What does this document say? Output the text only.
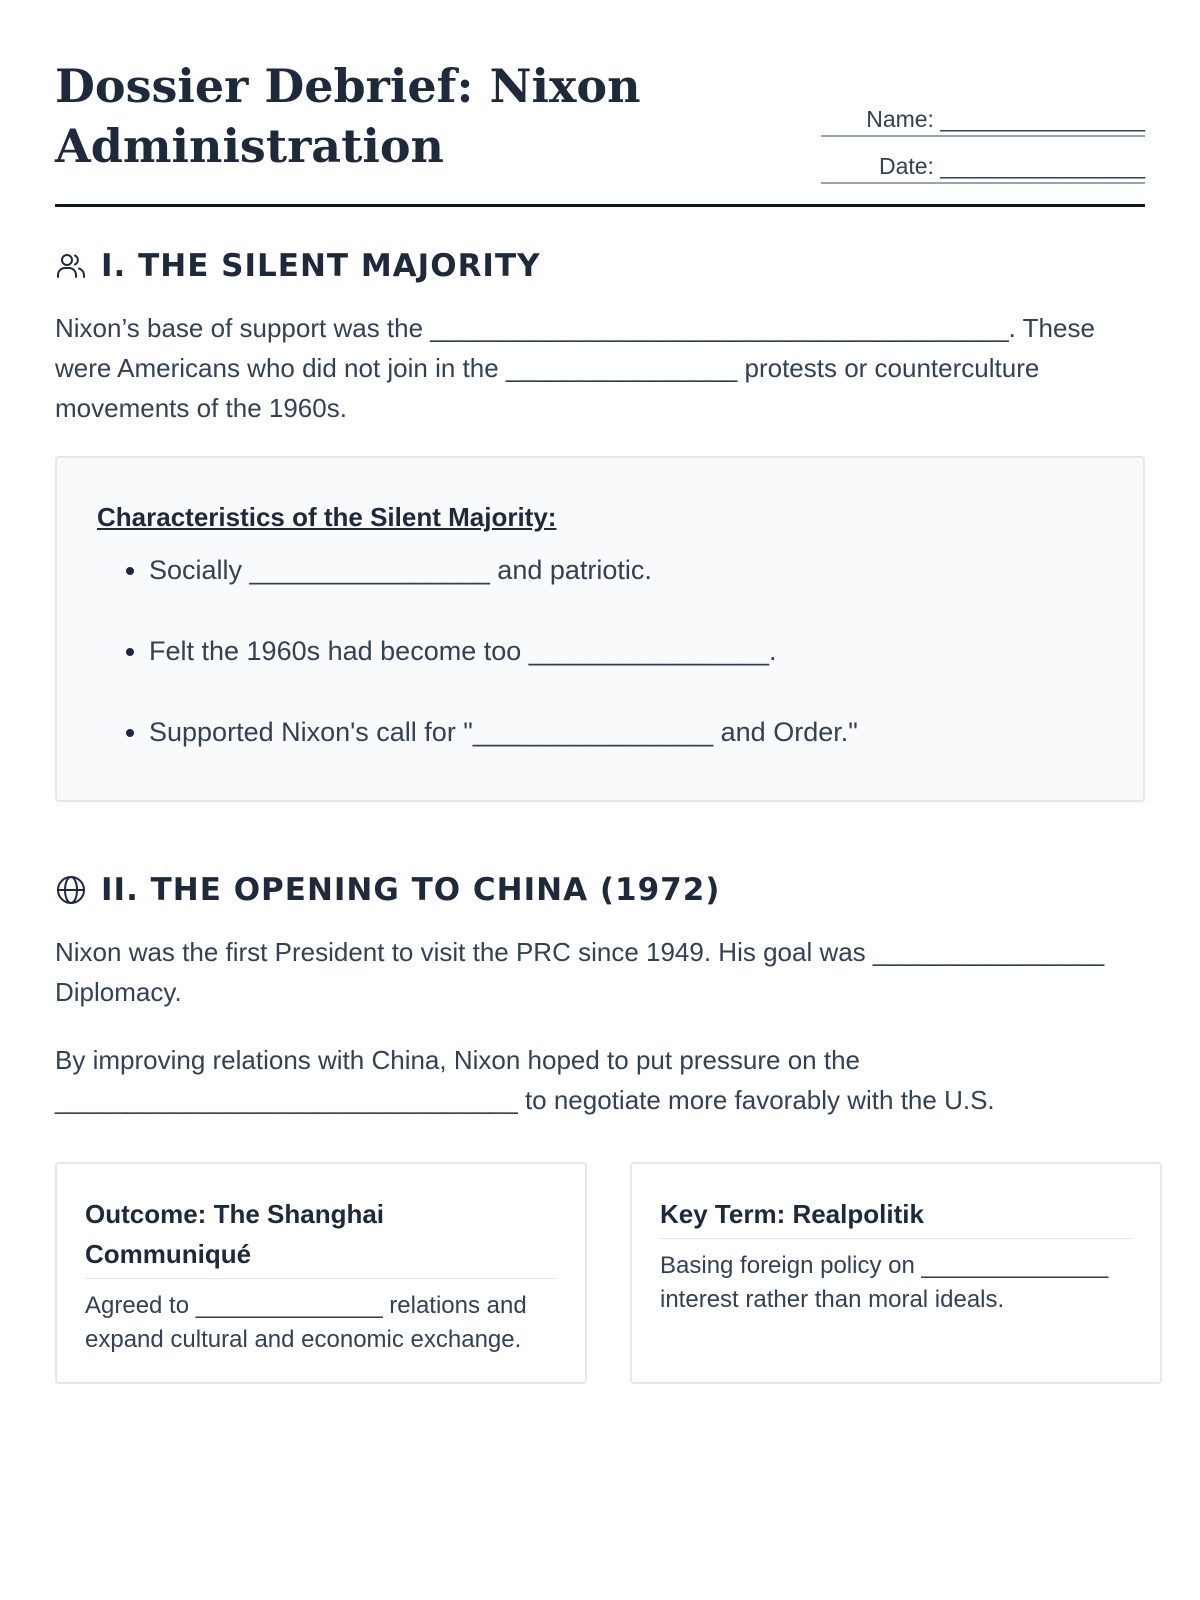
Dossier Debrief: Nixon Administration	Name: ________________
Date: ________________
I. THE SILENT MAJORITY

Nixon’s base of support was the ________________________________________. These were Americans who did not join in the ________________ protests or counterculture movements of the 1960s.

Characteristics of the Silent Majority:

• Socially ________________ and patriotic.
• Felt the 1960s had become too ________________.
• Supported Nixon's call for "________________ and Order."
II. THE OPENING TO CHINA (1972)

Nixon was the first President to visit the PRC since 1949. His goal was ________________ Diplomacy.

By improving relations with China, Nixon hoped to put pressure on the ________________________________ to negotiate more favorably with the U.S.

Outcome: The Shanghai Communiqué

Agreed to ______________ relations and expand cultural and economic exchange.

Key Term: Realpolitik

Basing foreign policy on ______________ interest rather than moral ideals.
